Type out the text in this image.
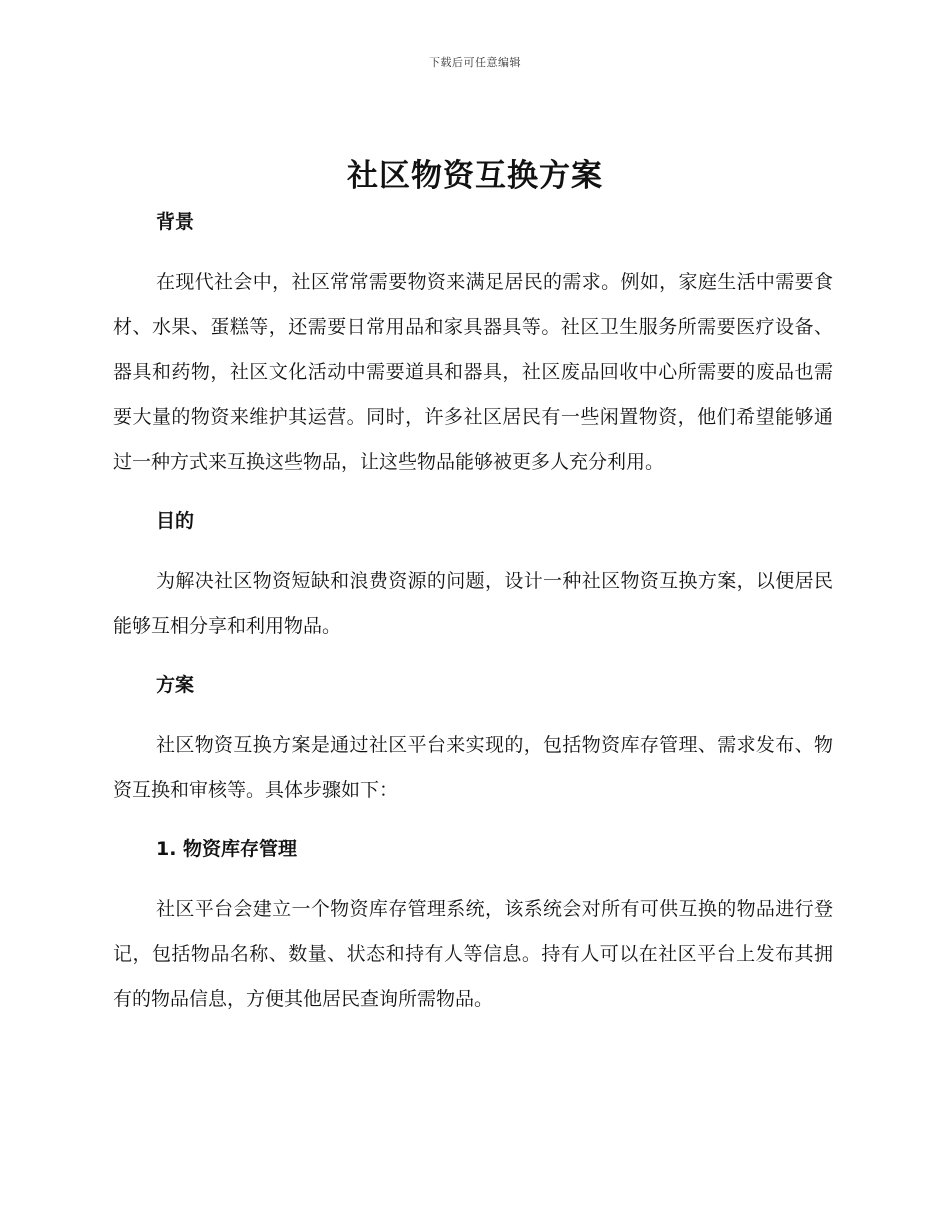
下载后可任意编辑
社区物资互换方案
背景

在现代社会中，社区常常需要物资来满足居民的需求。例如，家庭生活中需要食材、水果、蛋糕等，还需要日常用品和家具器具等。社区卫生服务所需要医疗设备、器具和药物，社区文化活动中需要道具和器具，社区废品回收中心所需要的废品也需要大量的物资来维护其运营。同时，许多社区居民有一些闲置物资，他们希望能够通过一种方式来互换这些物品，让这些物品能够被更多人充分利用。

目的

为解决社区物资短缺和浪费资源的问题，设计一种社区物资互换方案，以便居民能够互相分享和利用物品。

方案

社区物资互换方案是通过社区平台来实现的，包括物资库存管理、需求发布、物资互换和审核等。具体步骤如下：

1. 物资库存管理

社区平台会建立一个物资库存管理系统，该系统会对所有可供互换的物品进行登记，包括物品名称、数量、状态和持有人等信息。持有人可以在社区平台上发布其拥有的物品信息，方便其他居民查询所需物品。
